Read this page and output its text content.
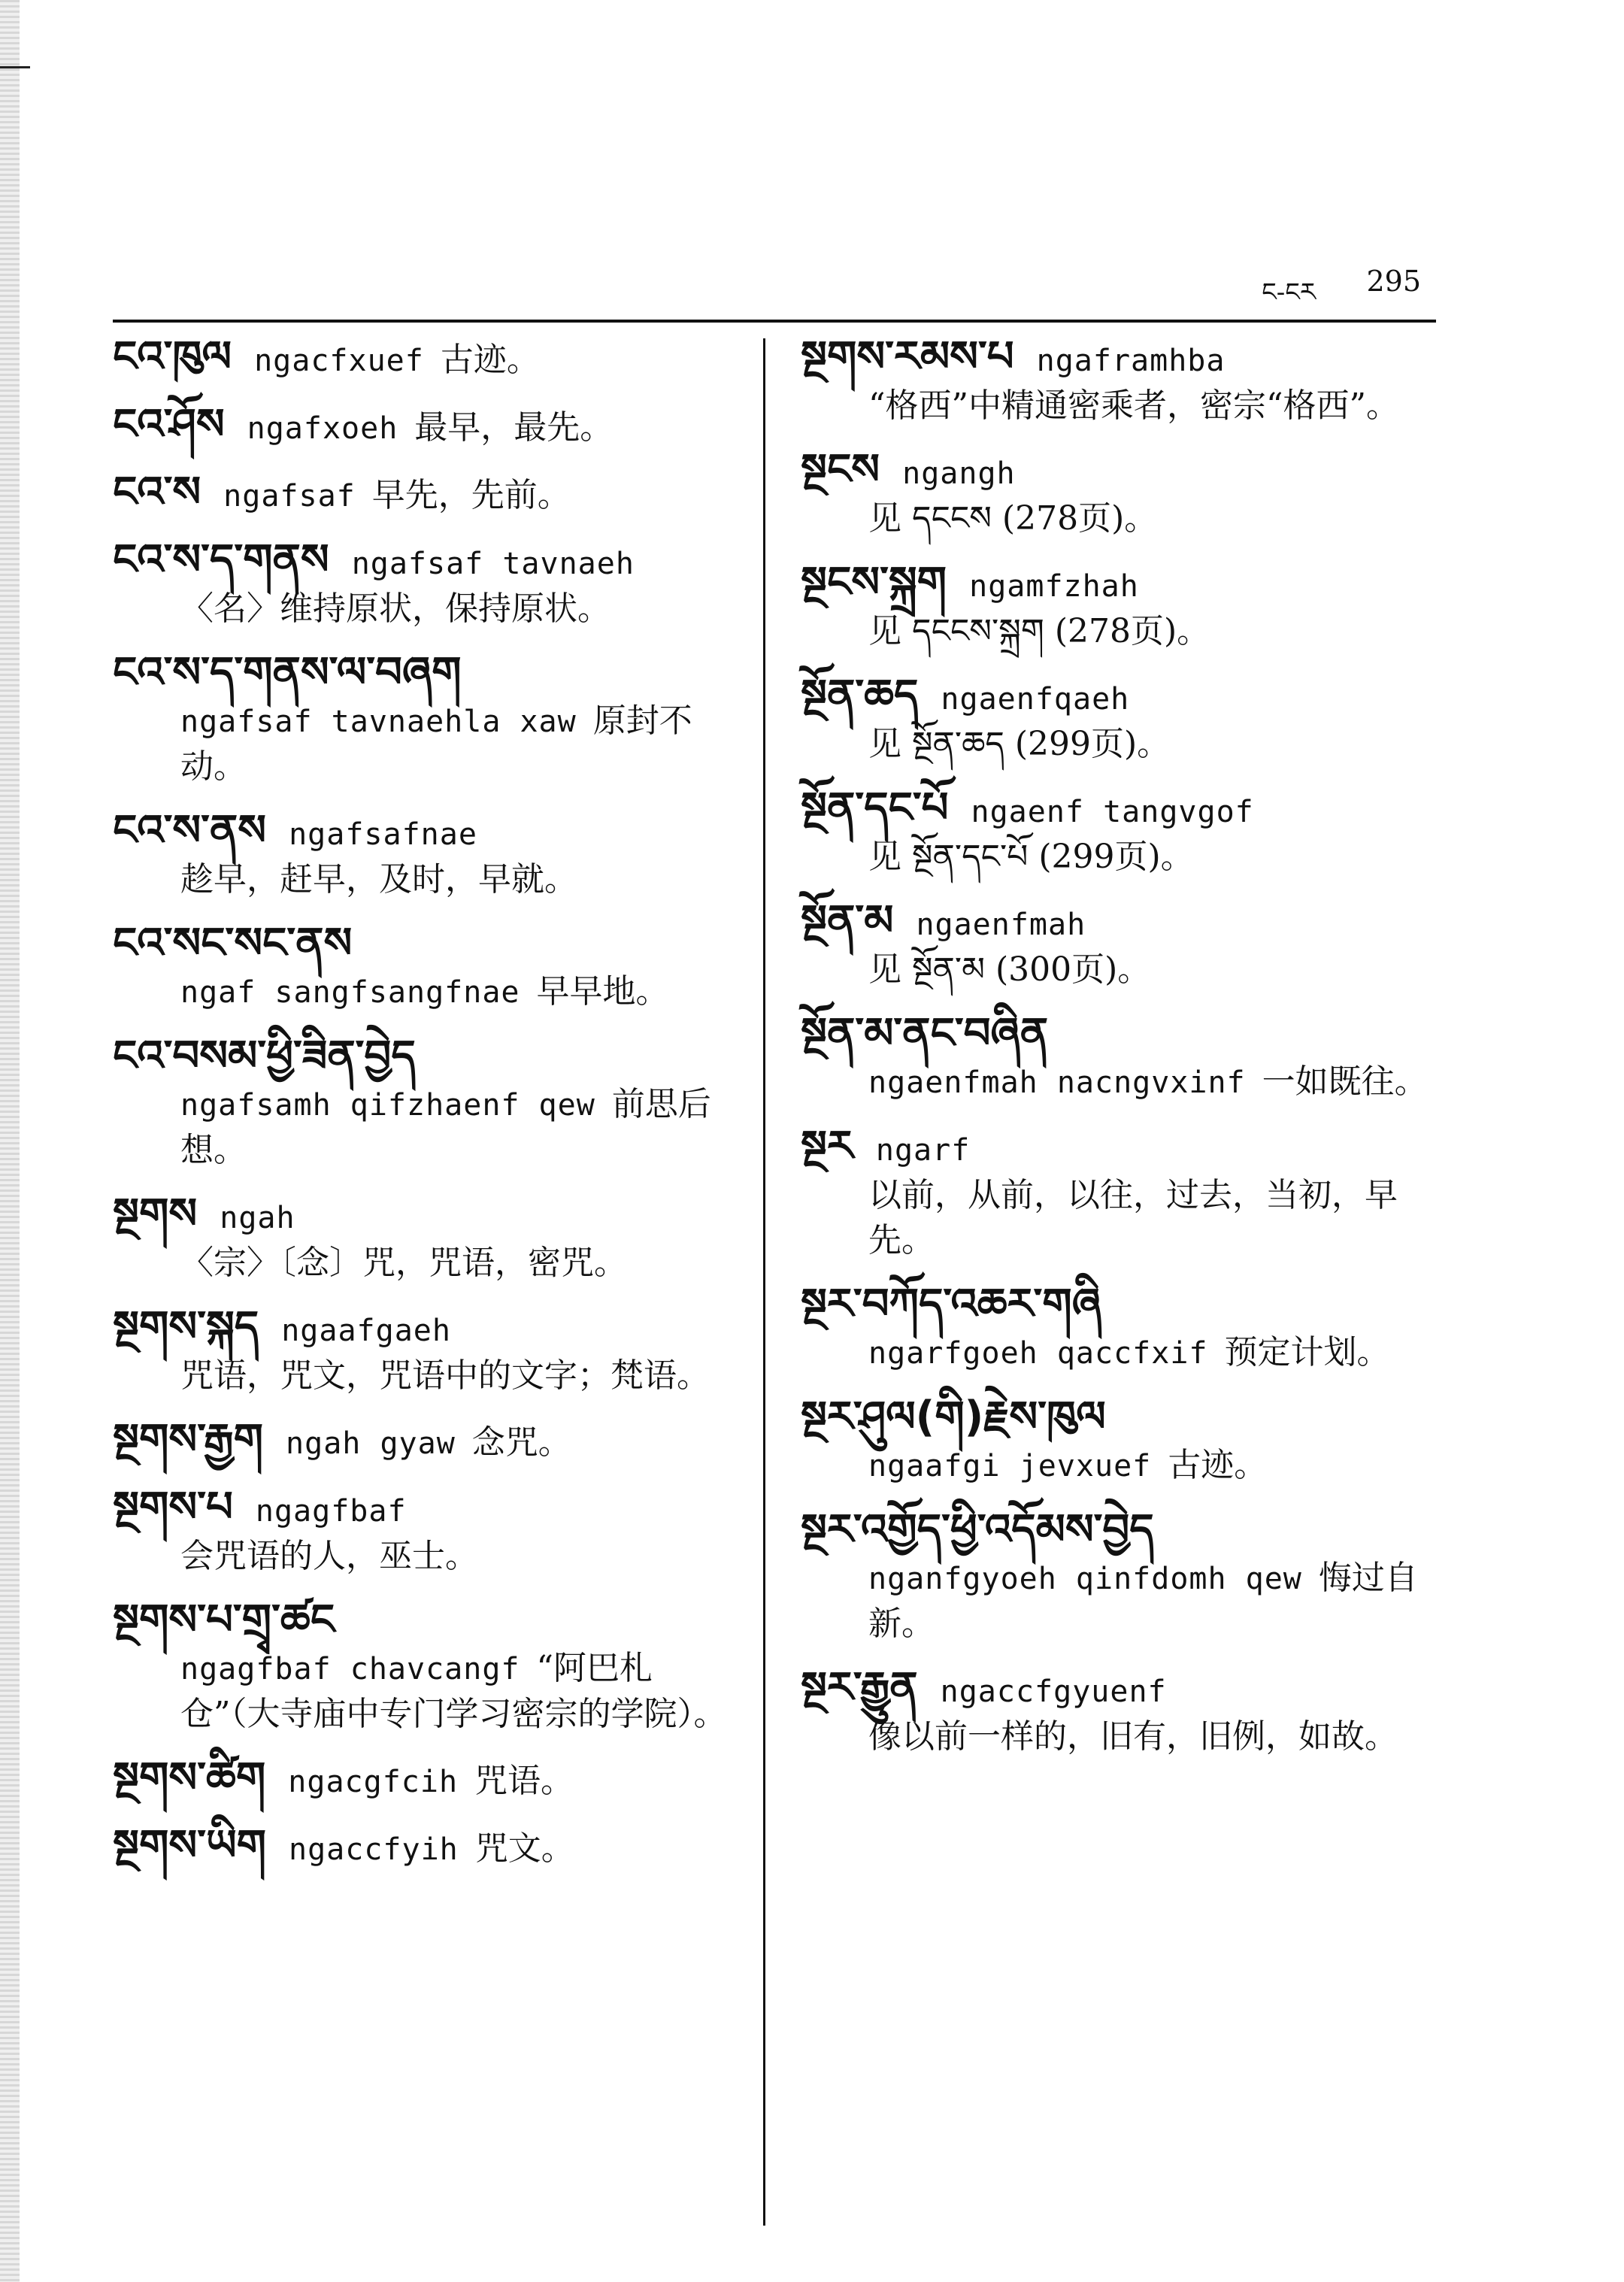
ང-ངར 295
ངའ་ཁུལ ngacfxuef 古迹。
ངའ་ཤོས ngafxoeh 最早，最先。
ངའ་ས ngafsaf 早先，先前。
ངའ་ས་ད་གནས ngafsaf tavnaeh
〈名〉维持原状，保持原状。
ངའ་ས་ད་གནས་ལ་བཞག
ngafsaf tavnaehla xaw 原封不动。
ངའ་ས་ནས ngafsafnae
趁早，赶早，及时，早就。
ངའ་སང་སང་ནས
ngaf sangfsangfnae 早早地。
ངའ་བསམ་ཕྱི་ཟིན་བྱེད
ngafsamh qifzhaenf qew 前思后想。
སྔགས ngah
〈宗〉〔念〕咒，咒语，密咒。
སྔགས་སྐད ngaafgaeh
咒语，咒文，咒语中的文字；梵语。
སྔགས་རྒྱག ngah gyaw 念咒。
སྔགས་པ ngagfbaf
会咒语的人，巫士。
སྔགས་པ་གྲྭ་ཚང
ngagfbaf chavcangf “阿巴札仓”（大寺庙中专门学习密宗的学院）。
སྔགས་ཚིག ngacgfcih 咒语。
སྔགས་ཡིག ngaccfyih 咒文。
སྔགས་རམས་པ ngaframhba
“格西”中精通密乘者，密宗“格西”。
སྔངས ngangh
见 དངངས (278页)。
སྔངས་སྐྲག ngamfzhah
见 དངངས་སྐྲག (278页)。
སྔོན་ཆད ngaenfqaeh
见 སྔོན་ཆད (299页)。
སྔོན་དང་པོ ngaenf tangvgof
见 སྔོན་དང་པོ (299页)。
སྔོན་མ ngaenfmah
见 སྔོན་མ (300页)。
སྔོན་མ་ནང་བཞིན
ngaenfmah nacngvxinf 一如既往。
སྔར ngarf
以前，从前，以往，过去，当初，早先。
སྔར་བཀོད་འཆར་གཞི
ngarfgoeh qaccfxif 预定计划。
སྔར་ཤུལ(གི)རྗེས་ཁུལ
ngaafgi jevxuef 古迹。
སྔར་འགྱོད་ཕྱི་འདོམས་བྱེད
nganfgyoeh qinfdomh qew 悔过自新。
སྔར་རྒྱུན ngaccfgyuenf
像以前一样的，旧有，旧例，如故。
